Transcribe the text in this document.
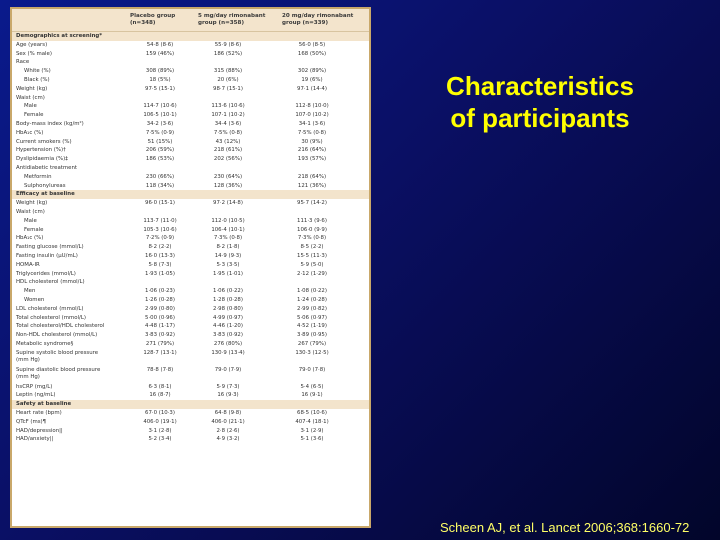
Placebo group
(n=348)
5 mg/day rimonabant
group (n=358)
20 mg/day rimonabant
group (n=339)
Demographics at screening*
Age (years)	54·8 (8·6)	55·9 (8·6)	56·0 (8·5)
Sex (% male)	159 (46%)	186 (52%)	168 (50%)
Race
White (%)	308 (89%)	315 (88%)	302 (89%)
Black (%)	18 (5%)	20 (6%)	19 (6%)
Weight (kg)	97·5 (15·1)	98·7 (15·1)	97·1 (14·4)
Waist (cm)
Male	114·7 (10·6)	113·6 (10·6)	112·8 (10·0)
Female	106·5 (10·1)	107·1 (10·2)	107·0 (10·2)
Body-mass index (kg/m²)	34·2 (3·6)	34·4 (3·6)	34·1 (3·6)
HbA₁c (%)	7·5% (0·9)	7·5% (0·8)	7·5% (0·8)
Current smokers (%)	51 (15%)	43 (12%)	30 (9%)
Hypertension (%)†	206 (59%)	218 (61%)	216 (64%)
Dyslipidaemia (%)‡	186 (53%)	202 (56%)	193 (57%)
Antidiabetic treatment
Metformin	230 (66%)	230 (64%)	218 (64%)
Sulphonylureas	118 (34%)	128 (36%)	121 (36%)
Efficacy at baseline
Weight (kg)	96·0 (15·1)	97·2 (14·8)	95·7 (14·2)
Waist (cm)
Male	113·7 (11·0)	112·0 (10·5)	111·3 (9·6)
Female	105·3 (10·6)	106·4 (10·1)	106·0 (9·9)
HbA₁c (%)	7·2% (0·9)	7·3% (0·8)	7·3% (0·8)
Fasting glucose (mmol/L)	8·2 (2·2)	8·2 (1·8)	8·5 (2·2)
Fasting insulin (μU/mL)	16·0 (13·3)	14·9 (9·3)	15·5 (11·3)
HOMA-IR	5·8 (7·3)	5·3 (3·5)	5·9 (5·0)
Triglycerides (mmol/L)	1·93 (1·05)	1·95 (1·01)	2·12 (1·29)
HDL cholesterol (mmol/L)
Men	1·06 (0·23)	1·06 (0·22)	1·08 (0·22)
Women	1·26 (0·28)	1·28 (0·28)	1·24 (0·28)
LDL cholesterol (mmol/L)	2·99 (0·80)	2·98 (0·80)	2·99 (0·82)
Total cholesterol (mmol/L)	5·00 (0·96)	4·99 (0·97)	5·06 (0·97)
Total cholesterol/HDL cholesterol	4·48 (1·17)	4·46 (1·20)	4·52 (1·19)
Non-HDL cholesterol (mmol/L)	3·83 (0·92)	3·83 (0·92)	3·89 (0·95)
Metabolic syndrome§	271 (79%)	276 (80%)	267 (79%)
Supine systolic blood pressure
(mm Hg)
128·7 (13·1)	130·9 (13·4)	130·3 (12·5)
Supine diastolic blood pressure
(mm Hg)
78·8 (7·8)	79·0 (7·9)	79·0 (7·8)
hsCRP (mg/L)	6·3 (8·1)	5·9 (7·3)	5·4 (6·5)
Leptin (ng/mL)	16 (8·7)	16 (9·3)	16 (9·1)
Safety at baseline
Heart rate (bpm)	67·0 (10·3)	64·8 (9·8)	68·5 (10·6)
QTcF (ms)¶	406·0 (19·1)	406·0 (21·1)	407·4 (18·1)
HAD/depression||	3·1 (2·8)	2·8 (2·6)	3·1 (2·9)
HAD/anxiety||	5·2 (3·4)	4·9 (3·2)	5·1 (3·6)
Characteristics
of participants
Scheen AJ, et al. Lancet 2006;368:1660-72
